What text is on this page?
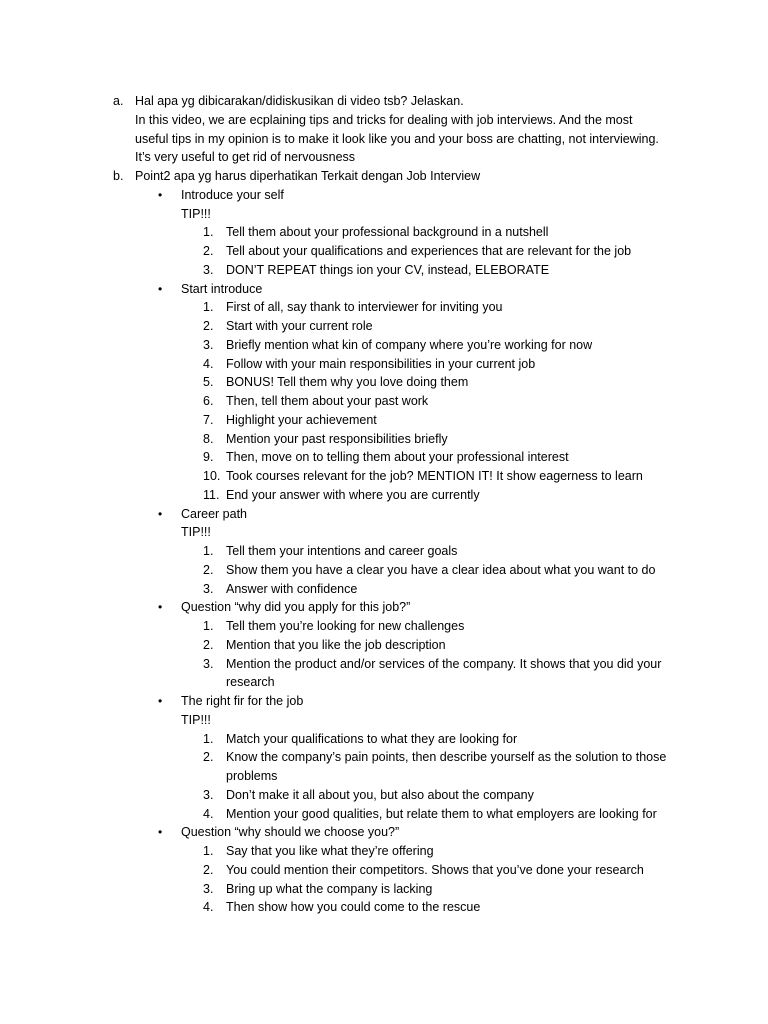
a. Hal apa yg dibicarakan/didiskusikan di video tsb? Jelaskan.
In this video, we are ecplaining tips and tricks for dealing with job interviews. And the most
useful tips in my opinion is to make it look like you and your boss are chatting, not interviewing.
It’s very useful to get rid of nervousness
b. Point2 apa yg harus diperhatikan Terkait dengan Job Interview
• Introduce your self
TIP!!!
1. Tell them about your professional background in a nutshell
2. Tell about your qualifications and experiences that are relevant for the job
3. DON’T REPEAT things ion your CV, instead, ELEBORATE
• Start introduce
1. First of all, say thank to interviewer for inviting you
2. Start with your current role
3. Briefly mention what kin of company where you’re working for now
4. Follow with your main responsibilities in your current job
5. BONUS! Tell them why you love doing them
6. Then, tell them about your past work
7. Highlight your achievement
8. Mention your past responsibilities briefly
9. Then, move on to telling them about your professional interest
10. Took courses relevant for the job? MENTION IT! It show eagerness to learn
11. End your answer with where you are currently
• Career path
TIP!!!
1. Tell them your intentions and career goals
2. Show them you have a clear you have a clear idea about what you want to do
3. Answer with confidence
• Question “why did you apply for this job?”
1. Tell them you’re looking for new challenges
2. Mention that you like the job description
3. Mention the product and/or services of the company. It shows that you did your
research
• The right fir for the job
TIP!!!
1. Match your qualifications to what they are looking for
2. Know the company’s pain points, then describe yourself as the solution to those
problems
3. Don’t make it all about you, but also about the company
4. Mention your good qualities, but relate them to what employers are looking for
• Question “why should we choose you?”
1. Say that you like what they’re offering
2. You could mention their competitors. Shows that you’ve done your research
3. Bring up what the company is lacking
4. Then show how you could come to the rescue
